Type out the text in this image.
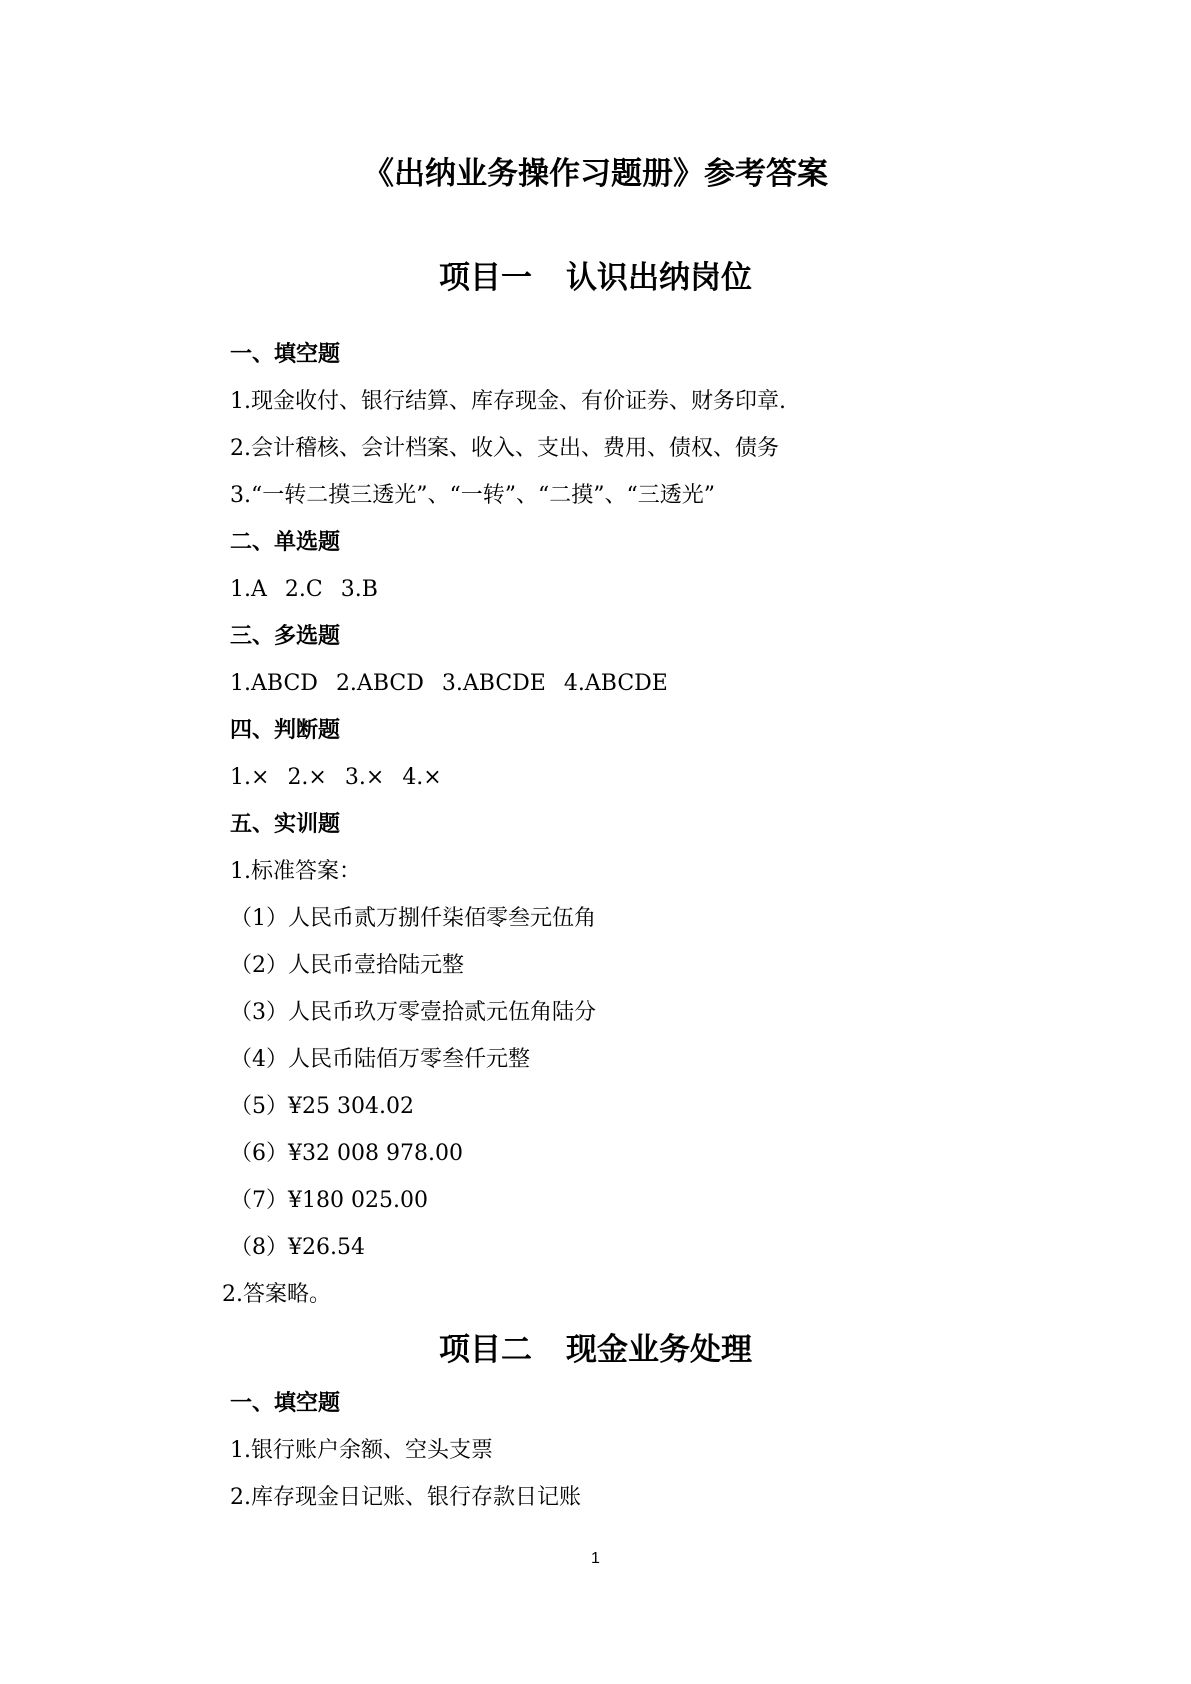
《出纳业务操作习题册》参考答案
项目一 认识出纳岗位
一、填空题

1.现金收付、银行结算、库存现金、有价证券、财务印章.

2.会计稽核、会计档案、收入、支出、费用、债权、债务

3.“一转二摸三透光”、“一转”、“二摸”、“三透光”

二、单选题

1.A 2.C 3.B

三、多选题

1.ABCD 2.ABCD 3.ABCDE 4.ABCDE

四、判断题

1.× 2.× 3.× 4.×

五、实训题

1.标准答案：

（1）人民币贰万捌仟柒佰零叁元伍角

（2）人民币壹拾陆元整

（3）人民币玖万零壹拾贰元伍角陆分

（4）人民币陆佰万零叁仟元整

（5）¥25 304.02

（6）¥32 008 978.00

（7）¥180 025.00

（8）¥26.54

2.答案略。

项目二 现金业务处理
一、填空题

1.银行账户余额、空头支票

2.库存现金日记账、银行存款日记账

1
